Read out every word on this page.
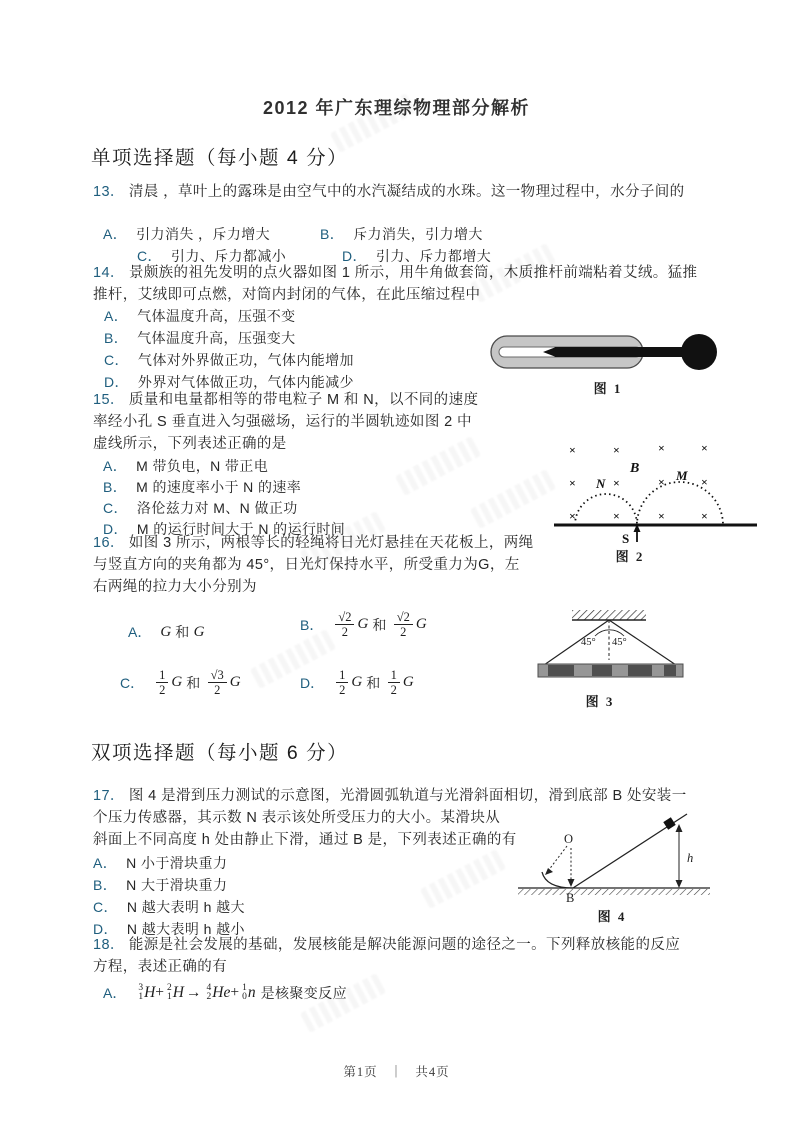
2012 年广东理综物理部分解析
单项选择题（每小题 4 分）
13． 清晨 ，草叶上的露珠是由空气中的水汽凝结成的水珠。这一物理过程中，水分子间的
A． 引力消失 ，斥力增大	B． 斥力消失，引力增大
C． 引力、斥力都减小	D． 引力、斥力都增大
14． 景颇族的祖先发明的点火器如图 1 所示，用牛角做套筒，木质推杆前端粘着艾绒。猛推
推杆，艾绒即可点燃，对筒内封闭的气体，在此压缩过程中
A． 气体温度升高，压强不变
B． 气体温度升高，压强变大
C． 气体对外界做正功，气体内能增加
D． 外界对气体做正功，气体内能减少	图 1
15． 质量和电量都相等的带电粒子 M 和 N，以不同的速度
率经小孔 S 垂直进入匀强磁场，运行的半圆轨迹如图 2 中
虚线所示，下列表述正确的是
A． M 带负电，N 带正电
B． M 的速度率小于 N 的速率
C． 洛伦兹力对 M、N 做正功
D． M 的运行时间大于 N 的运行时间
×	×	×	×
×	×	×	×
×	×	×	×
B
N
M
S
图 2
16． 如图 3 所示，两根等长的轻绳将日光灯悬挂在天花板上，两绳
与竖直方向的夹角都为 45°，日光灯保持水平，所受重力为G，左
右两绳的拉力大小分别为
A． G 和 G	B． $\frac{√2}{2}$ G 和 $\frac{√2}{2}$ G
C． $\frac{1}{2}$ G 和 $\frac{√3}{2}$ G	D． $\frac{1}{2}$ G 和 $\frac{1}{2}$ G
45° 45°
图 3
双项选择题（每小题 6 分）
17． 图 4 是滑到压力测试的示意图，光滑圆弧轨道与光滑斜面相切，滑到底部 B 处安装一
个压力传感器，其示数 N 表示该处所受压力的大小。某滑块从
斜面上不同高度 h 处由静止下滑，通过 B 是，下列表述正确的有
A． N 小于滑块重力
B． N 大于滑块重力
C． N 越大表明 h 越大
D． N 越大表明 h 越小
O
B
h
图 4
18． 能源是社会发展的基础，发展核能是解决能源问题的途径之一。下列释放核能的反应
方程，表述正确的有
A． 3
1 H + 2
1 H → 4
2 He + 1
0 n 是核聚变反应
第1页 ｜ 共4页
